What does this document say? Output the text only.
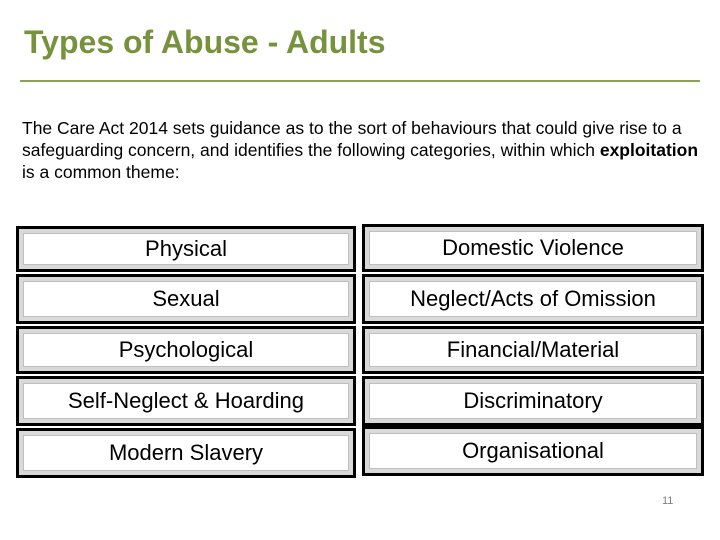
Types of Abuse - Adults
The Care Act 2014 sets guidance as to the sort of behaviours that could give rise to a safeguarding concern, and identifies the following categories, within which exploitation is a common theme:
Physical
Sexual
Psychological
Self-Neglect & Hoarding
Modern Slavery
Domestic Violence
Neglect/Acts of Omission
Financial/Material
Discriminatory
Organisational
11
